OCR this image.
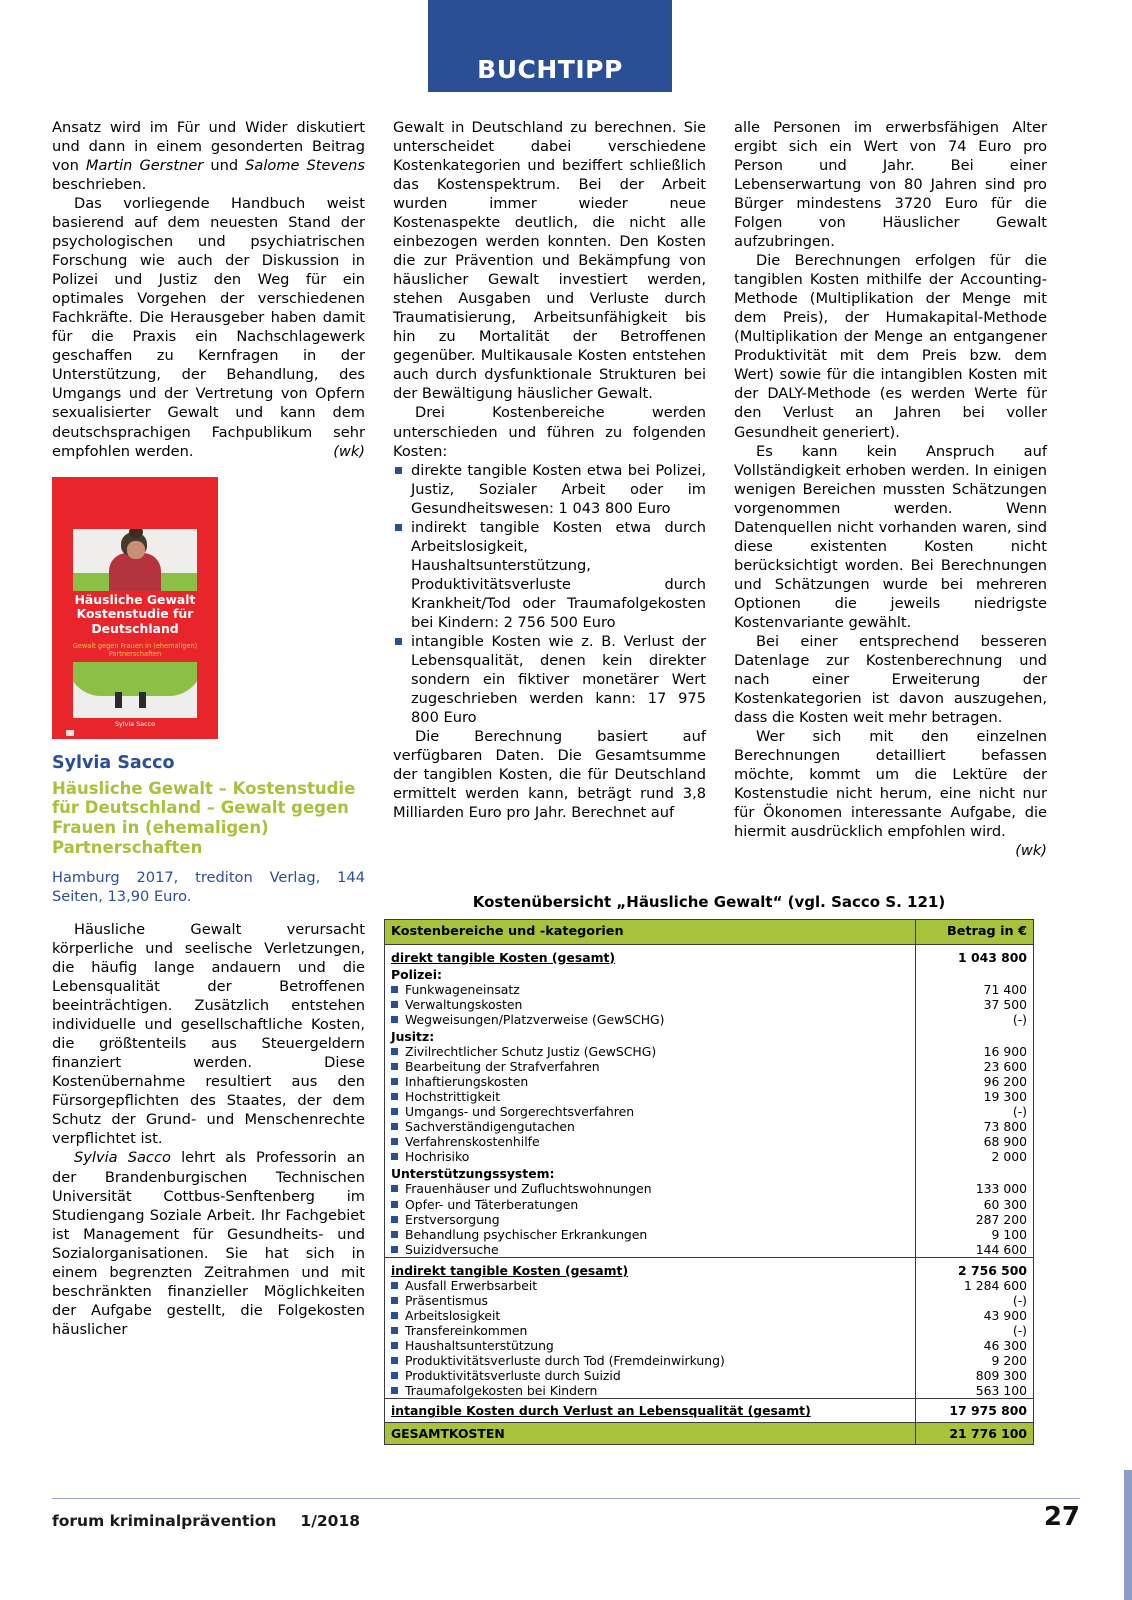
BUCHTIPP

Ansatz wird im Für und Wider diskutiert und dann in einem gesonderten Beitrag von Martin Gerstner und Salome Stevens beschrieben.

Das vorliegende Handbuch weist basierend auf dem neuesten Stand der psychologischen und psychiatrischen Forschung wie auch der Diskussion in Polizei und Justiz den Weg für ein optimales Vorgehen der verschiedenen Fachkräfte. Die Herausgeber haben damit für die Praxis ein Nachschlagewerk geschaffen zu Kernfragen in der Unterstützung, der Behandlung, des Umgangs und der Vertretung von Opfern sexualisierter Gewalt und kann dem deutschsprachigen Fachpublikum sehr empfohlen werden.	(wk)

Häusliche Gewalt
Kostenstudie für
Deutschland
Gewalt gegen Frauen in (ehemaligen)
Partnerschaften
Sylvia Sacco
Sylvia Sacco
Häusliche Gewalt – Kostenstudie für Deutschland – Gewalt gegen Frauen in (ehemaligen) Partnerschaften
Hamburg 2017, trediton Verlag, 144 Seiten, 13,90 Euro.

Häusliche Gewalt verursacht körperliche und seelische Verletzungen, die häufig lange andauern und die Lebensqualität der Betroffenen beeinträchtigen. Zusätzlich entstehen individuelle und gesellschaftliche Kosten, die größtenteils aus Steuergeldern finanziert werden. Diese Kostenübernahme resultiert aus den Fürsorgepflichten des Staates, der dem Schutz der Grund- und Menschenrechte verpflichtet ist.

Sylvia Sacco lehrt als Professorin an der Brandenburgischen Technischen Universität Cottbus-Senftenberg im Studiengang Soziale Arbeit. Ihr Fachgebiet ist Management für Gesundheits- und Sozialorganisationen. Sie hat sich in einem begrenzten Zeitrahmen und mit beschränkten finanzieller Möglichkeiten der Aufgabe gestellt, die Folgekosten häuslicher

Gewalt in Deutschland zu berechnen. Sie unterscheidet dabei verschiedene Kostenkategorien und beziffert schließlich das Kostenspektrum. Bei der Arbeit wurden immer wieder neue Kostenaspekte deutlich, die nicht alle einbezogen werden konnten. Den Kosten die zur Prävention und Bekämpfung von häuslicher Gewalt investiert werden, stehen Ausgaben und Verluste durch Traumatisierung, Arbeitsunfähigkeit bis hin zu Mortalität der Betroffenen gegenüber. Multikausale Kosten entstehen auch durch dysfunktionale Strukturen bei der Bewältigung häuslicher Gewalt.

Drei Kostenbereiche werden unterschieden und führen zu folgenden Kosten:

direkte tangible Kosten etwa bei Polizei, Justiz, Sozialer Arbeit oder im Gesundheitswesen: 1 043 800 Euro
indirekt tangible Kosten etwa durch Arbeitslosigkeit, Haushaltsunterstützung, Produktivitätsverluste durch Krankheit/Tod oder Traumafolgekosten bei Kindern: 2 756 500 Euro
intangible Kosten wie z. B. Verlust der Lebensqualität, denen kein direkter sondern ein fiktiver monetärer Wert zugeschrieben werden kann: 17 975 800 Euro

Die Berechnung basiert auf verfügbaren Daten. Die Gesamtsumme der tangiblen Kosten, die für Deutschland ermittelt werden kann, beträgt rund 3,8 Milliarden Euro pro Jahr. Berechnet auf

alle Personen im erwerbsfähigen Alter ergibt sich ein Wert von 74 Euro pro Person und Jahr. Bei einer Lebenserwartung von 80 Jahren sind pro Bürger mindestens 3720 Euro für die Folgen von Häuslicher Gewalt aufzubringen.

Die Berechnungen erfolgen für die tangiblen Kosten mithilfe der Accounting-Methode (Multiplikation der Menge mit dem Preis), der Humakapital-Methode (Multiplikation der Menge an entgangener Produktivität mit dem Preis bzw. dem Wert) sowie für die intangiblen Kosten mit der DALY-Methode (es werden Werte für den Verlust an Jahren bei voller Gesundheit generiert).

Es kann kein Anspruch auf Vollständigkeit erhoben werden. In einigen wenigen Bereichen mussten Schätzungen vorgenommen werden. Wenn Datenquellen nicht vorhanden waren, sind diese existenten Kosten nicht berücksichtigt worden. Bei Berechnungen und Schätzungen wurde bei mehreren Optionen die jeweils niedrigste Kostenvariante gewählt.

Bei einer entsprechend besseren Datenlage zur Kostenberechnung und nach einer Erweiterung der Kostenkategorien ist davon auszugehen, dass die Kosten weit mehr betragen.

Wer sich mit den einzelnen Berechnungen detailliert befassen möchte, kommt um die Lektüre der Kostenstudie nicht herum, eine nicht nur für Ökonomen interessante Aufgabe, die hiermit ausdrücklich empfohlen wird.
(wk)

Kostenübersicht „Häusliche Gewalt“ (vgl. Sacco S. 121)
Kostenbereiche und -kategorien	Betrag in €
direkt tangible Kosten (gesamt)	1 043 800
Polizei:	
Funkwageneinsatz	71 400
Verwaltungskosten	37 500
Wegweisungen/Platzverweise (GewSCHG)	(-)
Jusitz:	
Zivilrechtlicher Schutz Justiz (GewSCHG)	16 900
Bearbeitung der Strafverfahren	23 600
Inhaftierungskosten	96 200
Hochstrittigkeit	19 300
Umgangs- und Sorgerechtsverfahren	(-)
Sachverständigengutachen	73 800
Verfahrenskostenhilfe	68 900
Hochrisiko	2 000
Unterstützungssystem:	
Frauenhäuser und Zufluchtswohnungen	133 000
Opfer- und Täterberatungen	60 300
Erstversorgung	287 200
Behandlung psychischer Erkrankungen	9 100
Suizidversuche	144 600
indirekt tangible Kosten (gesamt)	2 756 500
Ausfall Erwerbsarbeit	1 284 600
Präsentismus	(-)
Arbeitslosigkeit	43 900
Transfereinkommen	(-)
Haushaltsunterstützung	46 300
Produktivitätsverluste durch Tod (Fremdeinwirkung)	9 200
Produktivitätsverluste durch Suizid	809 300
Traumafolgekosten bei Kindern	563 100
intangible Kosten durch Verlust an Lebensqualität (gesamt)	17 975 800
GESAMTKOSTEN	21 776 100
forum kriminalprävention 1/2018	27
